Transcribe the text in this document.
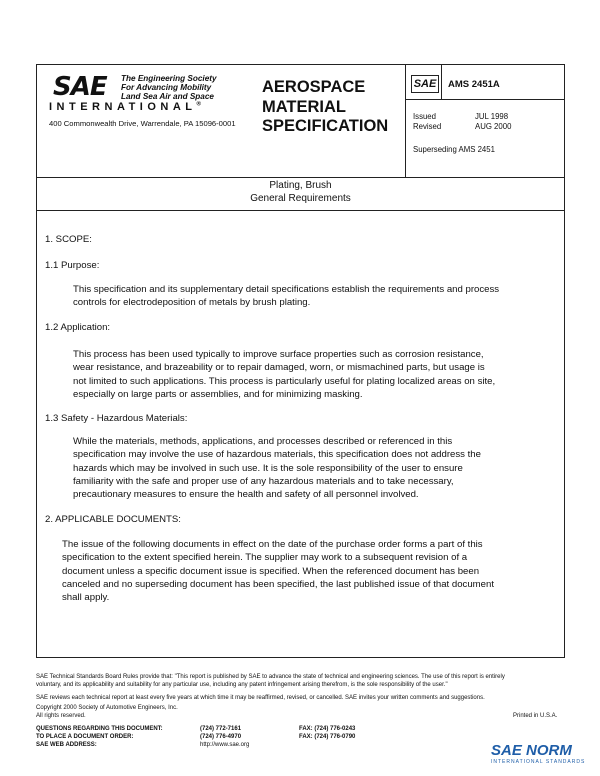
SAE The Engineering Society
For Advancing Mobility
Land Sea Air and Space
INTERNATIONAL®
400 Commonwealth Drive, Warrendale, PA 15096-0001
AEROSPACE
MATERIAL
SPECIFICATION
SAE AMS 2451A
Issued	JUL 1998
Revised	AUG 2000
Superseding AMS 2451
Plating, Brush
General Requirements
1. SCOPE:
1.1 Purpose:
This specification and its supplementary detail specifications establish the requirements and process
controls for electrodeposition of metals by brush plating.
1.2 Application:
This process has been used typically to improve surface properties such as corrosion resistance,
wear resistance, and brazeability or to repair damaged, worn, or mismachined parts, but usage is
not limited to such applications. This process is particularly useful for plating localized areas on site,
especially on large parts or assemblies, and for minimizing masking.
1.3 Safety - Hazardous Materials:
While the materials, methods, applications, and processes described or referenced in this
specification may involve the use of hazardous materials, this specification does not address the
hazards which may be involved in such use. It is the sole responsibility of the user to ensure
familiarity with the safe and proper use of any hazardous materials and to take necessary,
precautionary measures to ensure the health and safety of all personnel involved.
2. APPLICABLE DOCUMENTS:
The issue of the following documents in effect on the date of the purchase order forms a part of this
specification to the extent specified herein. The supplier may work to a subsequent revision of a
document unless a specific document issue is specified. When the referenced document has been
canceled and no superseding document has been specified, the last published issue of that document
shall apply.
SAE Technical Standards Board Rules provide that: "This report is published by SAE to advance the state of technical and engineering sciences. The use of this report is entirely
voluntary, and its applicability and suitability for any particular use, including any patent infringement arising therefrom, is the sole responsibility of the user."
SAE reviews each technical report at least every five years at which time it may be reaffirmed, revised, or cancelled. SAE invites your written comments and suggestions.
Copyright 2000 Society of Automotive Engineers, Inc.
All rights reserved.	Printed in U.S.A.
QUESTIONS REGARDING THIS DOCUMENT:	(724) 772-7161	FAX: (724) 776-0243
TO PLACE A DOCUMENT ORDER:	(724) 776-4970	FAX: (724) 776-0790
SAE WEB ADDRESS:	http://www.sae.org	SAE NORM
INTERNATIONAL STANDARDS
